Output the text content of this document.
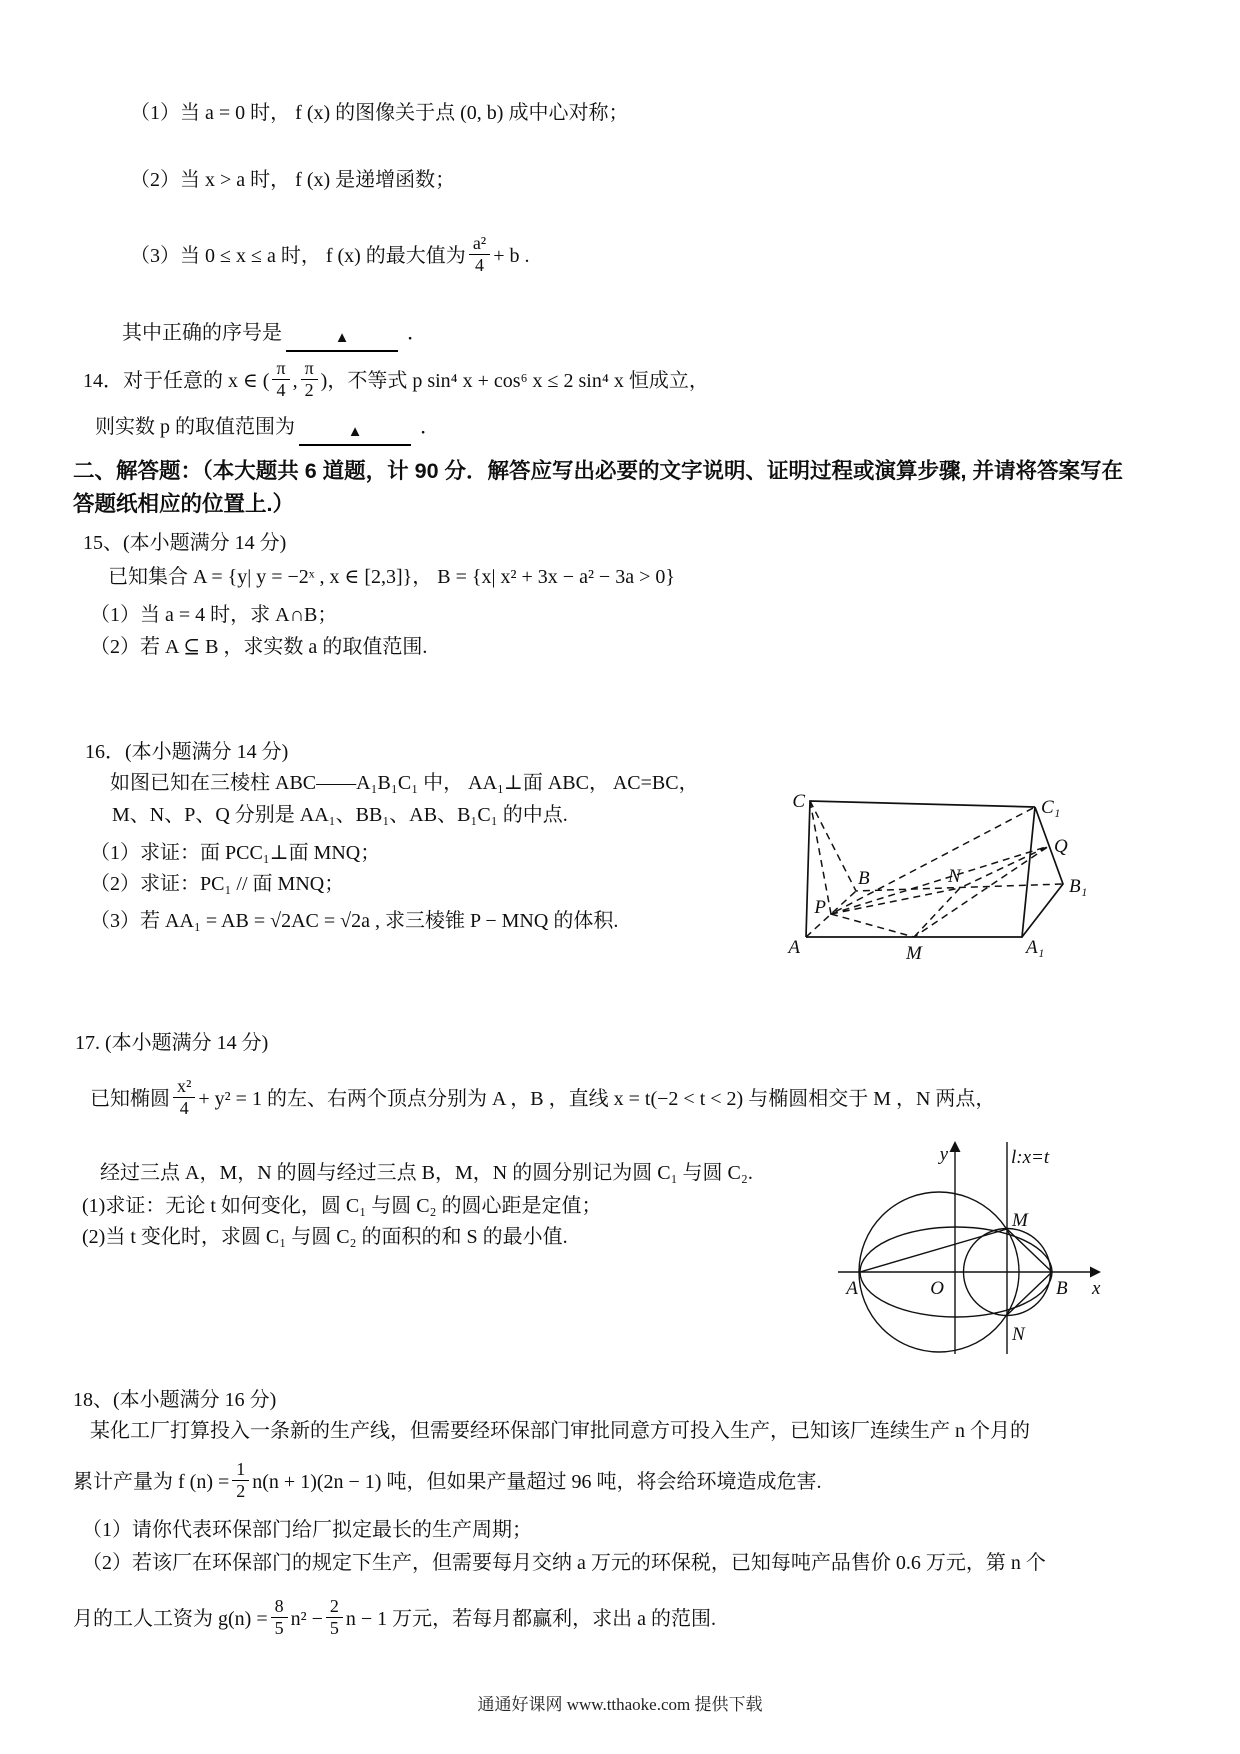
（1）当 a = 0 时， f (x) 的图像关于点 (0, b) 成中心对称；
（2）当 x > a 时， f (x) 是递增函数；
（3）当 0 ≤ x ≤ a 时， f (x) 的最大值为 $\frac{\text{a²}}{4} + b$ .
其中正确的序号是	▲	．
14．对于任意的 x ∈ ( $\frac{\pi}{4}$ , $\frac{\pi}{2}$ )，不等式 p sin⁴ x + cos⁶ x ≤ 2 sin⁴ x 恒成立，
则实数 p 的取值范围为	▲	．
二、解答题：（本大题共 6 道题，计 90 分．解答应写出必要的文字说明、证明过程或演算步骤, 并请将答案写在
答题纸相应的位置上.）
15、(本小题满分 14 分)
已知集合 A = {y| y = −2ˣ , x ∈ [2,3]}， B = {x| x² + 3x − a² − 3a > 0}
（1）当 a = 4 时，求 A∩B；
（2）若 A ⊆ B ，求实数 a 的取值范围.
16．(本小题满分 14 分)
如图已知在三棱柱 ABC——A₁B₁C₁ 中， AA₁⊥面 ABC， AC=BC，
M、N、P、Q 分别是 AA₁、BB₁、AB、B₁C₁ 的中点.
（1）求证：面 PCC₁⊥面 MNQ；
（2）求证：PC₁ // 面 MNQ；
（3）若 AA₁ = AB = √2AC = √2a , 求三棱锥 P − MNQ 的体积.
C	C₁
A	M	A₁
B₁
Q
B	N
P
17. (本小题满分 14 分)
已知椭圆 $\frac{\text{x²}}{4} + y^2 = 1$ 的左、右两个顶点分别为 A ，B ，直线 x = t(−2 < t < 2) 与椭圆相交于 M ，N 两点，
经过三点 A，M，N 的圆与经过三点 B，M，N 的圆分别记为圆 C₁ 与圆 C₂.
(1)求证：无论 t 如何变化，圆 C₁ 与圆 C₂ 的圆心距是定值；
(2)当 t 变化时，求圆 C₁ 与圆 C₂ 的面积的和 S 的最小值.
y	l:x=t
M
A	O	B x
N
18、(本小题满分 16 分)
某化工厂打算投入一条新的生产线，但需要经环保部门审批同意方可投入生产，已知该厂连续生产 n 个月的
累计产量为 f $(n) = \frac{1}{2} n(n + 1)(2n - 1)$ 吨，但如果产量超过 96 吨，将会给环境造成危害.
（1）请你代表环保部门给厂拟定最长的生产周期；
（2）若该厂在环保部门的规定下生产，但需要每月交纳 a 万元的环保税，已知每吨产品售价 0.6 万元，第 n 个
月的工人工资为 $g(n) = \frac{8}{5} n^2 - \frac{2}{5}$ n − 1 万元，若每月都赢利，求出 a 的范围.
通通好课网 www.tthaoke.com 提供下载
